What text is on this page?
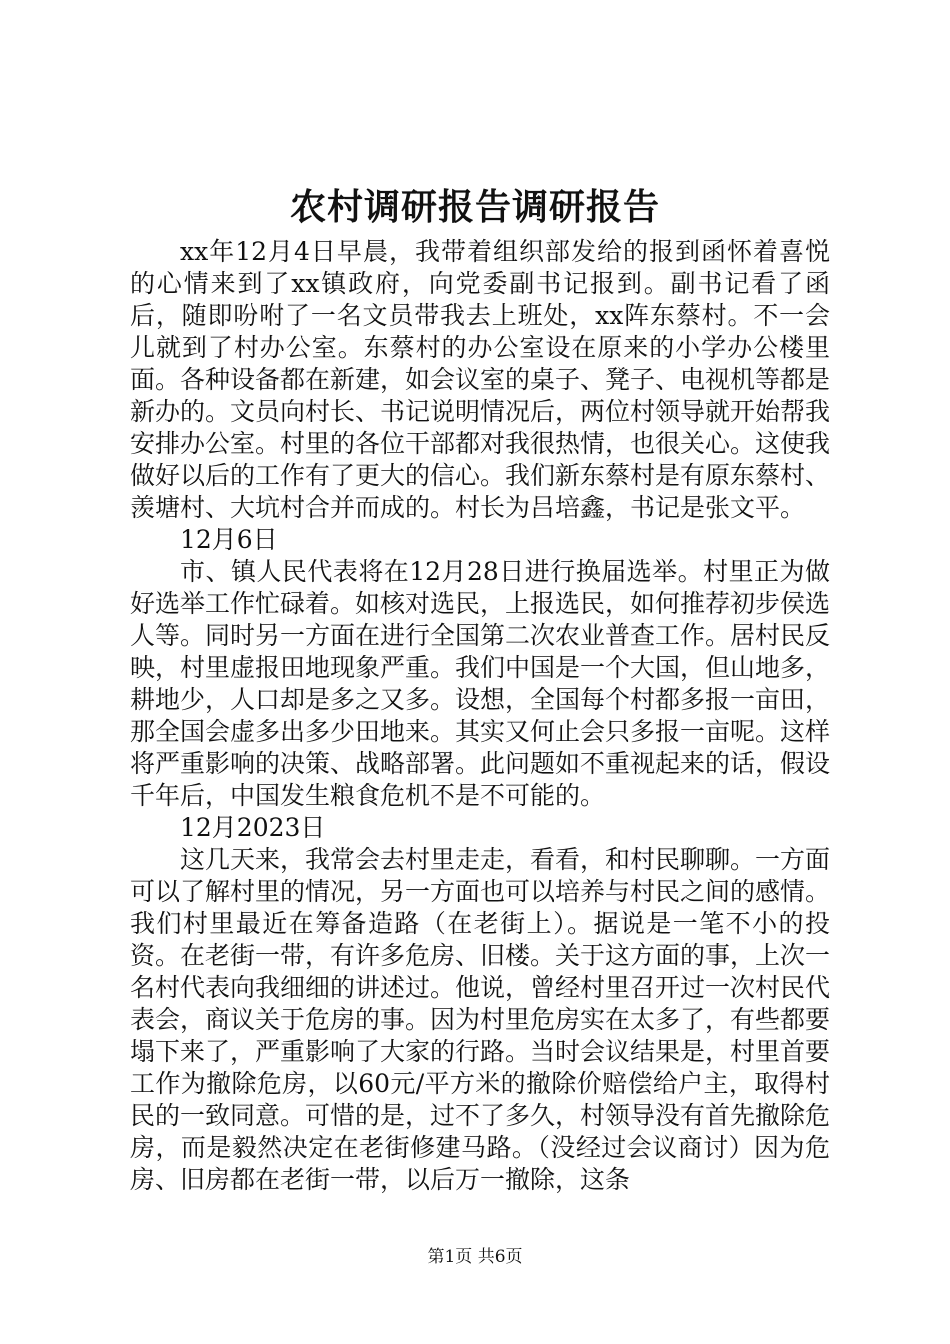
农村调研报告调研报告

xx年12月4日早晨，我带着组织部发给的报到函怀着喜悦的心情来到了xx镇政府，向党委副书记报到。副书记看了函后，随即吩咐了一名文员带我去上班处，xx阵东蔡村。不一会儿就到了村办公室。东蔡村的办公室设在原来的小学办公楼里面。各种设备都在新建，如会议室的桌子、凳子、电视机等都是新办的。文员向村长、书记说明情况后，两位村领导就开始帮我安排办公室。村里的各位干部都对我很热情，也很关心。这使我做好以后的工作有了更大的信心。我们新东蔡村是有原东蔡村、羡塘村、大坑村合并而成的。村长为吕培鑫，书记是张文平。

12月6日

市、镇人民代表将在12月28日进行换届选举。村里正为做好选举工作忙碌着。如核对选民，上报选民，如何推荐初步侯选人等。同时另一方面在进行全国第二次农业普查工作。居村民反映，村里虚报田地现象严重。我们中国是一个大国，但山地多，耕地少，人口却是多之又多。设想，全国每个村都多报一亩田，那全国会虚多出多少田地来。其实又何止会只多报一亩呢。这样将严重影响的决策、战略部署。此问题如不重视起来的话，假设千年后，中国发生粮食危机不是不可能的。

12月2023日

这几天来，我常会去村里走走，看看，和村民聊聊。一方面可以了解村里的情况，另一方面也可以培养与村民之间的感情。我们村里最近在筹备造路（在老街上）。据说是一笔不小的投资。在老街一带，有许多危房、旧楼。关于这方面的事，上次一名村代表向我细细的讲述过。他说，曾经村里召开过一次村民代表会，商议关于危房的事。因为村里危房实在太多了，有些都要塌下来了，严重影响了大家的行路。当时会议结果是，村里首要工作为撤除危房，以60元/平方米的撤除价赔偿给户主，取得村民的一致同意。可惜的是，过不了多久，村领导没有首先撤除危房，而是毅然决定在老街修建马路。（没经过会议商讨）因为危房、旧房都在老街一带，以后万一撤除，这条

第1页 共6页
